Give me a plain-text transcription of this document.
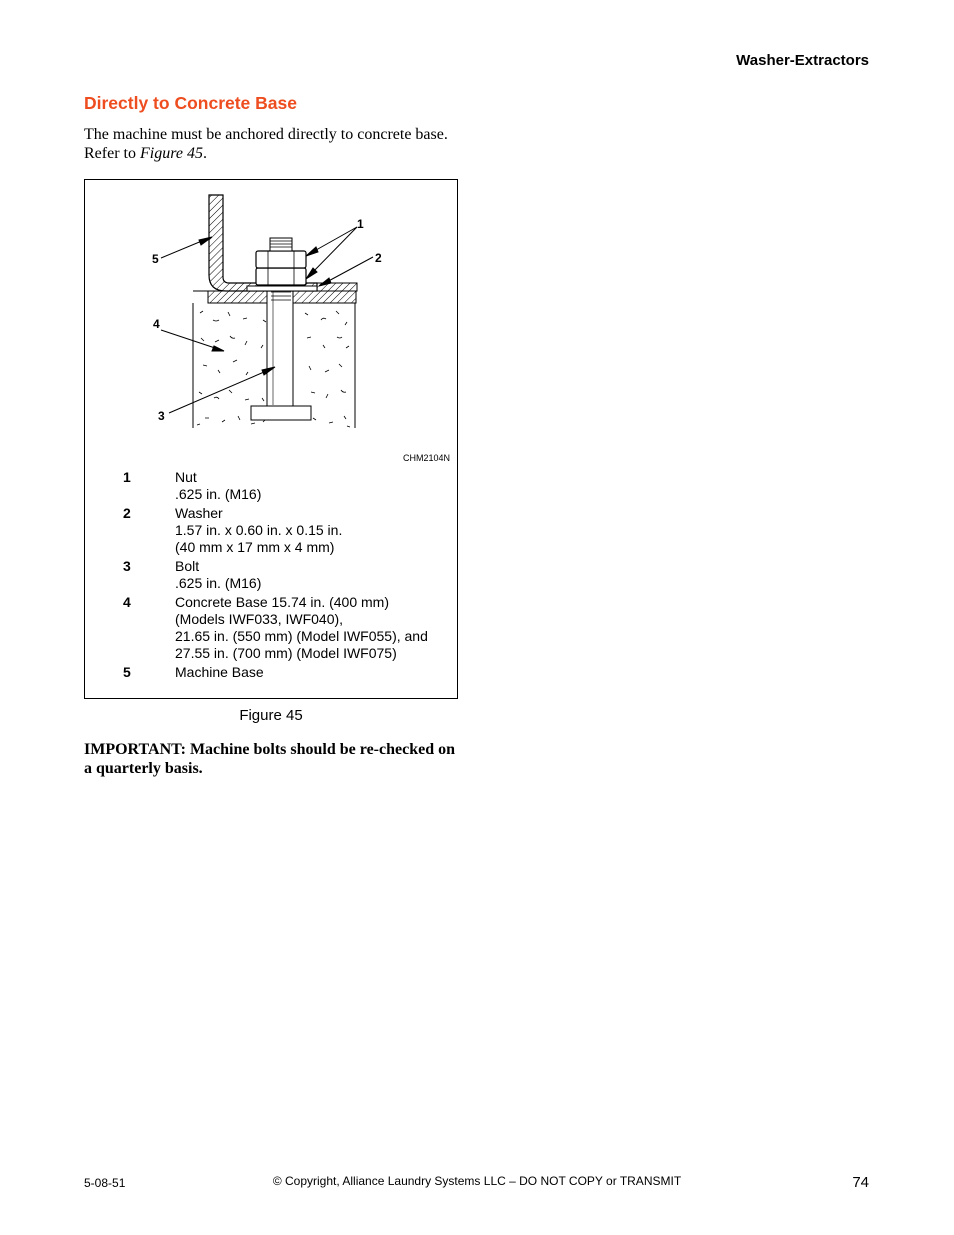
Washer-Extractors
Directly to Concrete Base
The machine must be anchored directly to concrete base. Refer to Figure 45.
1
2
3
4
5
CHM2104N
1	Nut
.625 in. (M16)
2	Washer
1.57 in. x 0.60 in. x 0.15 in.
(40 mm x 17 mm x 4 mm)
3	Bolt
.625 in. (M16)
4	Concrete Base 15.74 in. (400 mm)
(Models IWF033, IWF040),
21.65 in. (550 mm) (Model IWF055), and
27.55 in. (700 mm) (Model IWF075)
5	Machine Base
Figure 45
IMPORTANT: Machine bolts should be re-checked on a quarterly basis.
5-08-51	© Copyright, Alliance Laundry Systems LLC – DO NOT COPY or TRANSMIT	74
